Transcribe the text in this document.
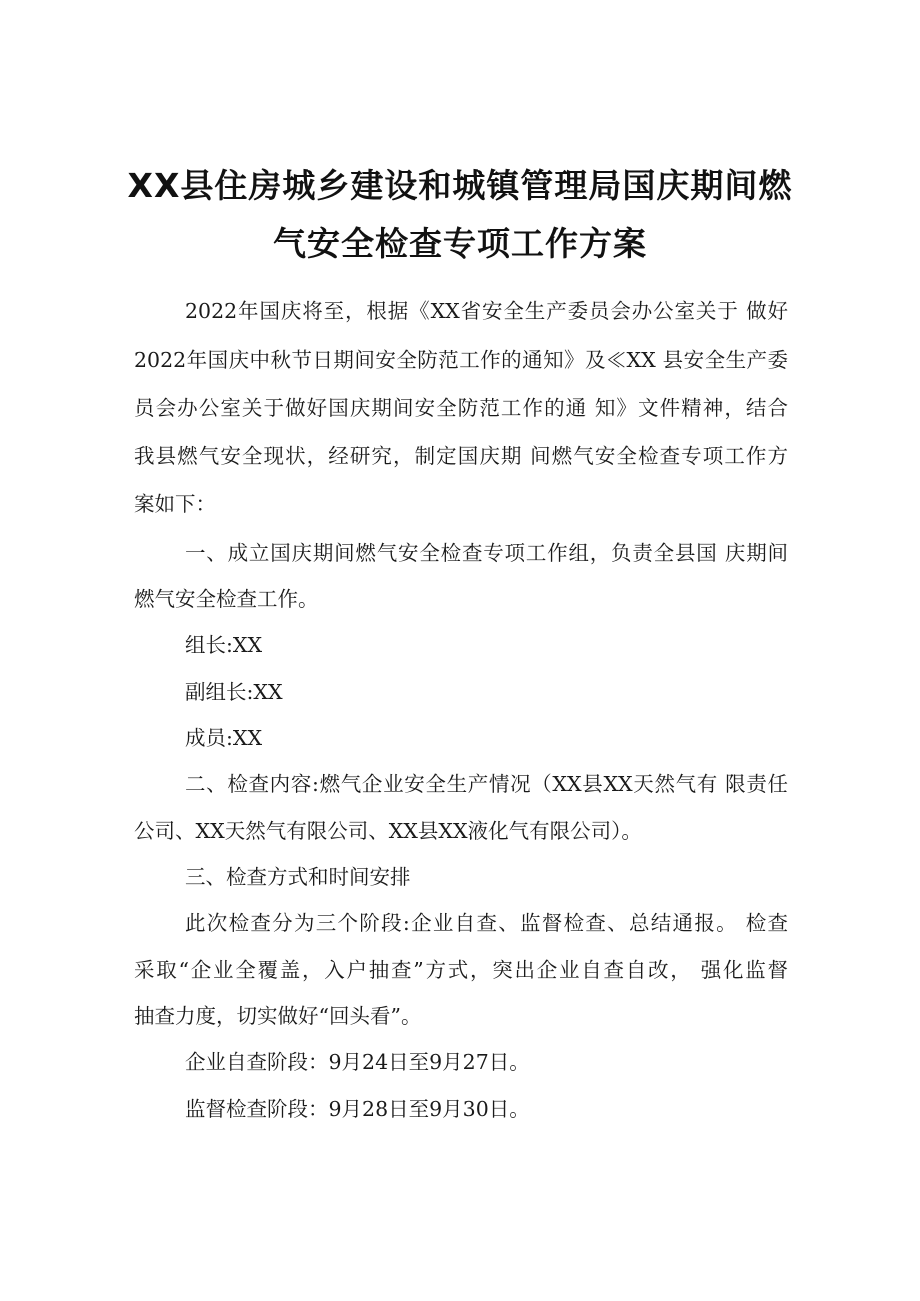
XX县住房城乡建设和城镇管理局国庆期间燃
气安全检查专项工作方案
2022年国庆将至，根据《XX省安全生产委员会办公室关于 做好
2022年国庆中秋节日期间安全防范工作的通知》及≪XX 县安全生产委
员会办公室关于做好国庆期间安全防范工作的通 知》文件精神，结合
我县燃气安全现状，经研究，制定国庆期 间燃气安全检查专项工作方
案如下：
一、成立国庆期间燃气安全检查专项工作组，负责全县国 庆期间
燃气安全检查工作。
组长:XX
副组长:XX
成员:XX
二、检查内容:燃气企业安全生产情况（XX县XX天然气有 限责任
公司、XX天然气有限公司、XX县XX液化气有限公司）。
三、检查方式和时间安排
此次检查分为三个阶段:企业自查、监督检查、总结通报。 检查
采取“企业全覆盖，入户抽查”方式，突出企业自查自改， 强化监督
抽查力度，切实做好“回头看”。
企业自查阶段：9月24日至9月27日。
监督检查阶段：9月28日至9月30日。
